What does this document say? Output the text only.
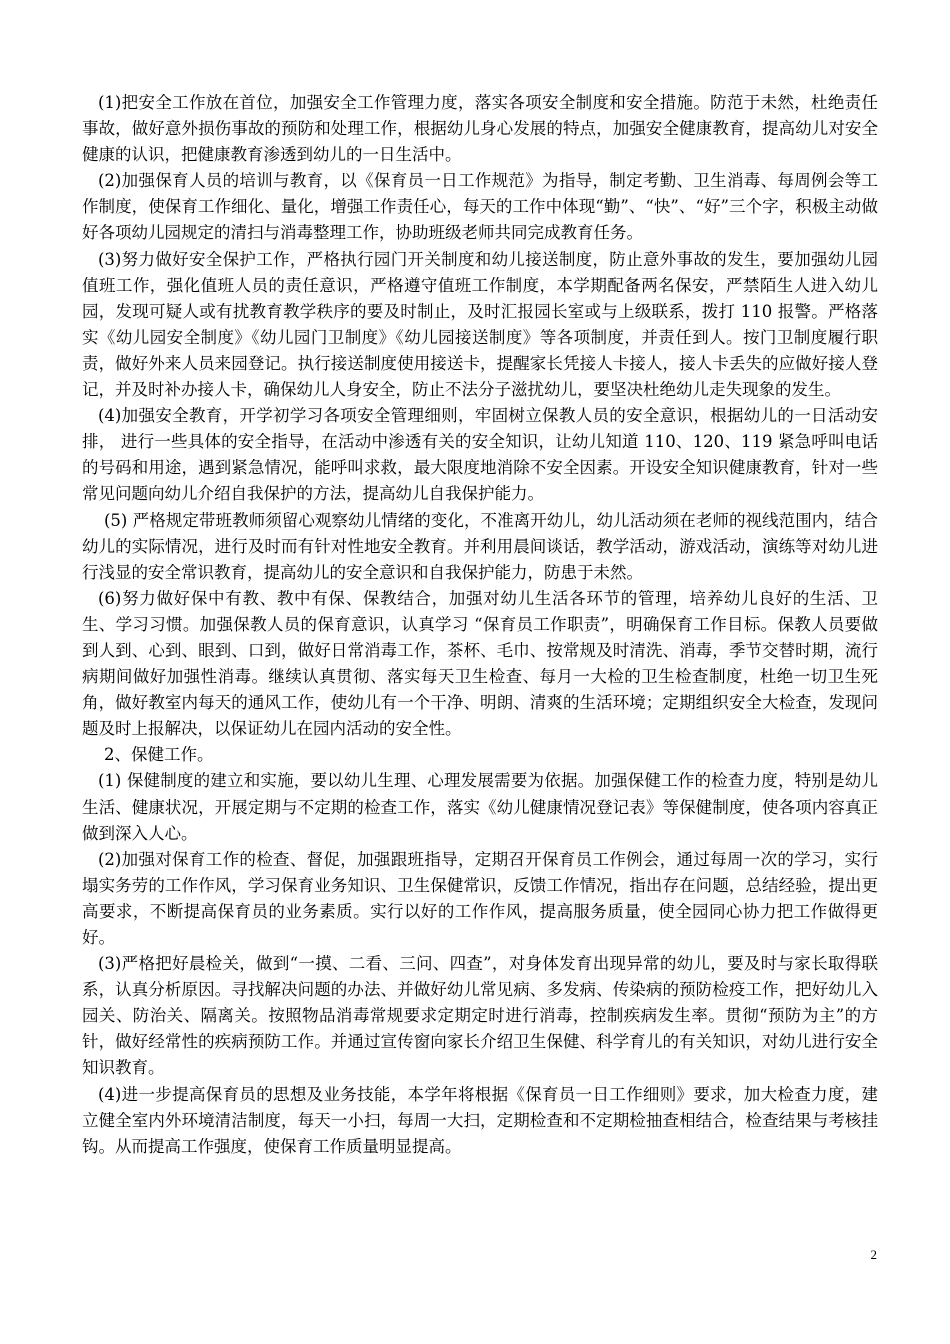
(1)把安全工作放在首位，加强安全工作管理力度，落实各项安全制度和安全措施。防范于未然，杜绝责任事故，做好意外损伤事故的预防和处理工作，根据幼儿身心发展的特点，加强安全健康教育，提高幼儿对安全健康的认识，把健康教育渗透到幼儿的一日生活中。

(2)加强保育人员的培训与教育，以《保育员一日工作规范》为指导，制定考勤、卫生消毒、每周例会等工作制度，使保育工作细化、量化，增强工作责任心，每天的工作中体现“勤”、“快”、“好”三个字，积极主动做好各项幼儿园规定的清扫与消毒整理工作，协助班级老师共同完成教育任务。

(3)努力做好安全保护工作，严格执行园门开关制度和幼儿接送制度，防止意外事故的发生，要加强幼儿园值班工作，强化值班人员的责任意识，严格遵守值班工作制度，本学期配备两名保安，严禁陌生人进入幼儿园，发现可疑人或有扰教育教学秩序的要及时制止，及时汇报园长室或与上级联系，拨打 110 报警。严格落实《幼儿园安全制度》《幼儿园门卫制度》《幼儿园接送制度》等各项制度，并责任到人。按门卫制度履行职责，做好外来人员来园登记。执行接送制度使用接送卡，提醒家长凭接人卡接人，接人卡丢失的应做好接人登记，并及时补办接人卡，确保幼儿人身安全，防止不法分子滋扰幼儿，要坚决杜绝幼儿走失现象的发生。

(4)加强安全教育，开学初学习各项安全管理细则，牢固树立保教人员的安全意识，根据幼儿的一日活动安排， 进行一些具体的安全指导，在活动中渗透有关的安全知识，让幼儿知道 110、120、119 紧急呼叫电话的号码和用途，遇到紧急情况，能呼叫求救，最大限度地消除不安全因素。开设安全知识健康教育，针对一些常见问题向幼儿介绍自我保护的方法，提高幼儿自我保护能力。

(5) 严格规定带班教师须留心观察幼儿情绪的变化，不准离开幼儿，幼儿活动须在老师的视线范围内，结合幼儿的实际情况，进行及时而有针对性地安全教育。并利用晨间谈话，教学活动，游戏活动，演练等对幼儿进行浅显的安全常识教育，提高幼儿的安全意识和自我保护能力，防患于未然。

(6)努力做好保中有教、教中有保、保教结合，加强对幼儿生活各环节的管理，培养幼儿良好的生活、卫生、学习习惯。加强保教人员的保育意识，认真学习 “保育员工作职责”，明确保育工作目标。保教人员要做到人到、心到、眼到、口到，做好日常消毒工作，茶杯、毛巾、按常规及时清洗、消毒，季节交替时期，流行病期间做好加强性消毒。继续认真贯彻、落实每天卫生检查、每月一大检的卫生检查制度，杜绝一切卫生死角，做好教室内每天的通风工作，使幼儿有一个干净、明朗、清爽的生活环境；定期组织安全大检查，发现问题及时上报解决，以保证幼儿在园内活动的安全性。

2、保健工作。

(1) 保健制度的建立和实施，要以幼儿生理、心理发展需要为依据。加强保健工作的检查力度，特别是幼儿生活、健康状况，开展定期与不定期的检查工作，落实《幼儿健康情况登记表》等保健制度，使各项内容真正做到深入人心。

(2)加强对保育工作的检查、督促，加强跟班指导，定期召开保育员工作例会，通过每周一次的学习，实行塌实务劳的工作作风，学习保育业务知识、卫生保健常识，反馈工作情况，指出存在问题，总结经验，提出更高要求，不断提高保育员的业务素质。实行以好的工作作风，提高服务质量，使全园同心协力把工作做得更好。

(3)严格把好晨检关，做到“一摸、二看、三问、四查”，对身体发育出现异常的幼儿，要及时与家长取得联系，认真分析原因。寻找解决问题的办法、并做好幼儿常见病、多发病、传染病的预防检疫工作，把好幼儿入园关、防治关、隔离关。按照物品消毒常规要求定期定时进行消毒，控制疾病发生率。贯彻“预防为主”的方针，做好经常性的疾病预防工作。并通过宣传窗向家长介绍卫生保健、科学育儿的有关知识，对幼儿进行安全知识教育。

(4)进一步提高保育员的思想及业务技能，本学年将根据《保育员一日工作细则》要求，加大检查力度，建立健全室内外环境清洁制度，每天一小扫，每周一大扫，定期检查和不定期检抽查相结合，检查结果与考核挂钩。从而提高工作强度，使保育工作质量明显提高。

2
